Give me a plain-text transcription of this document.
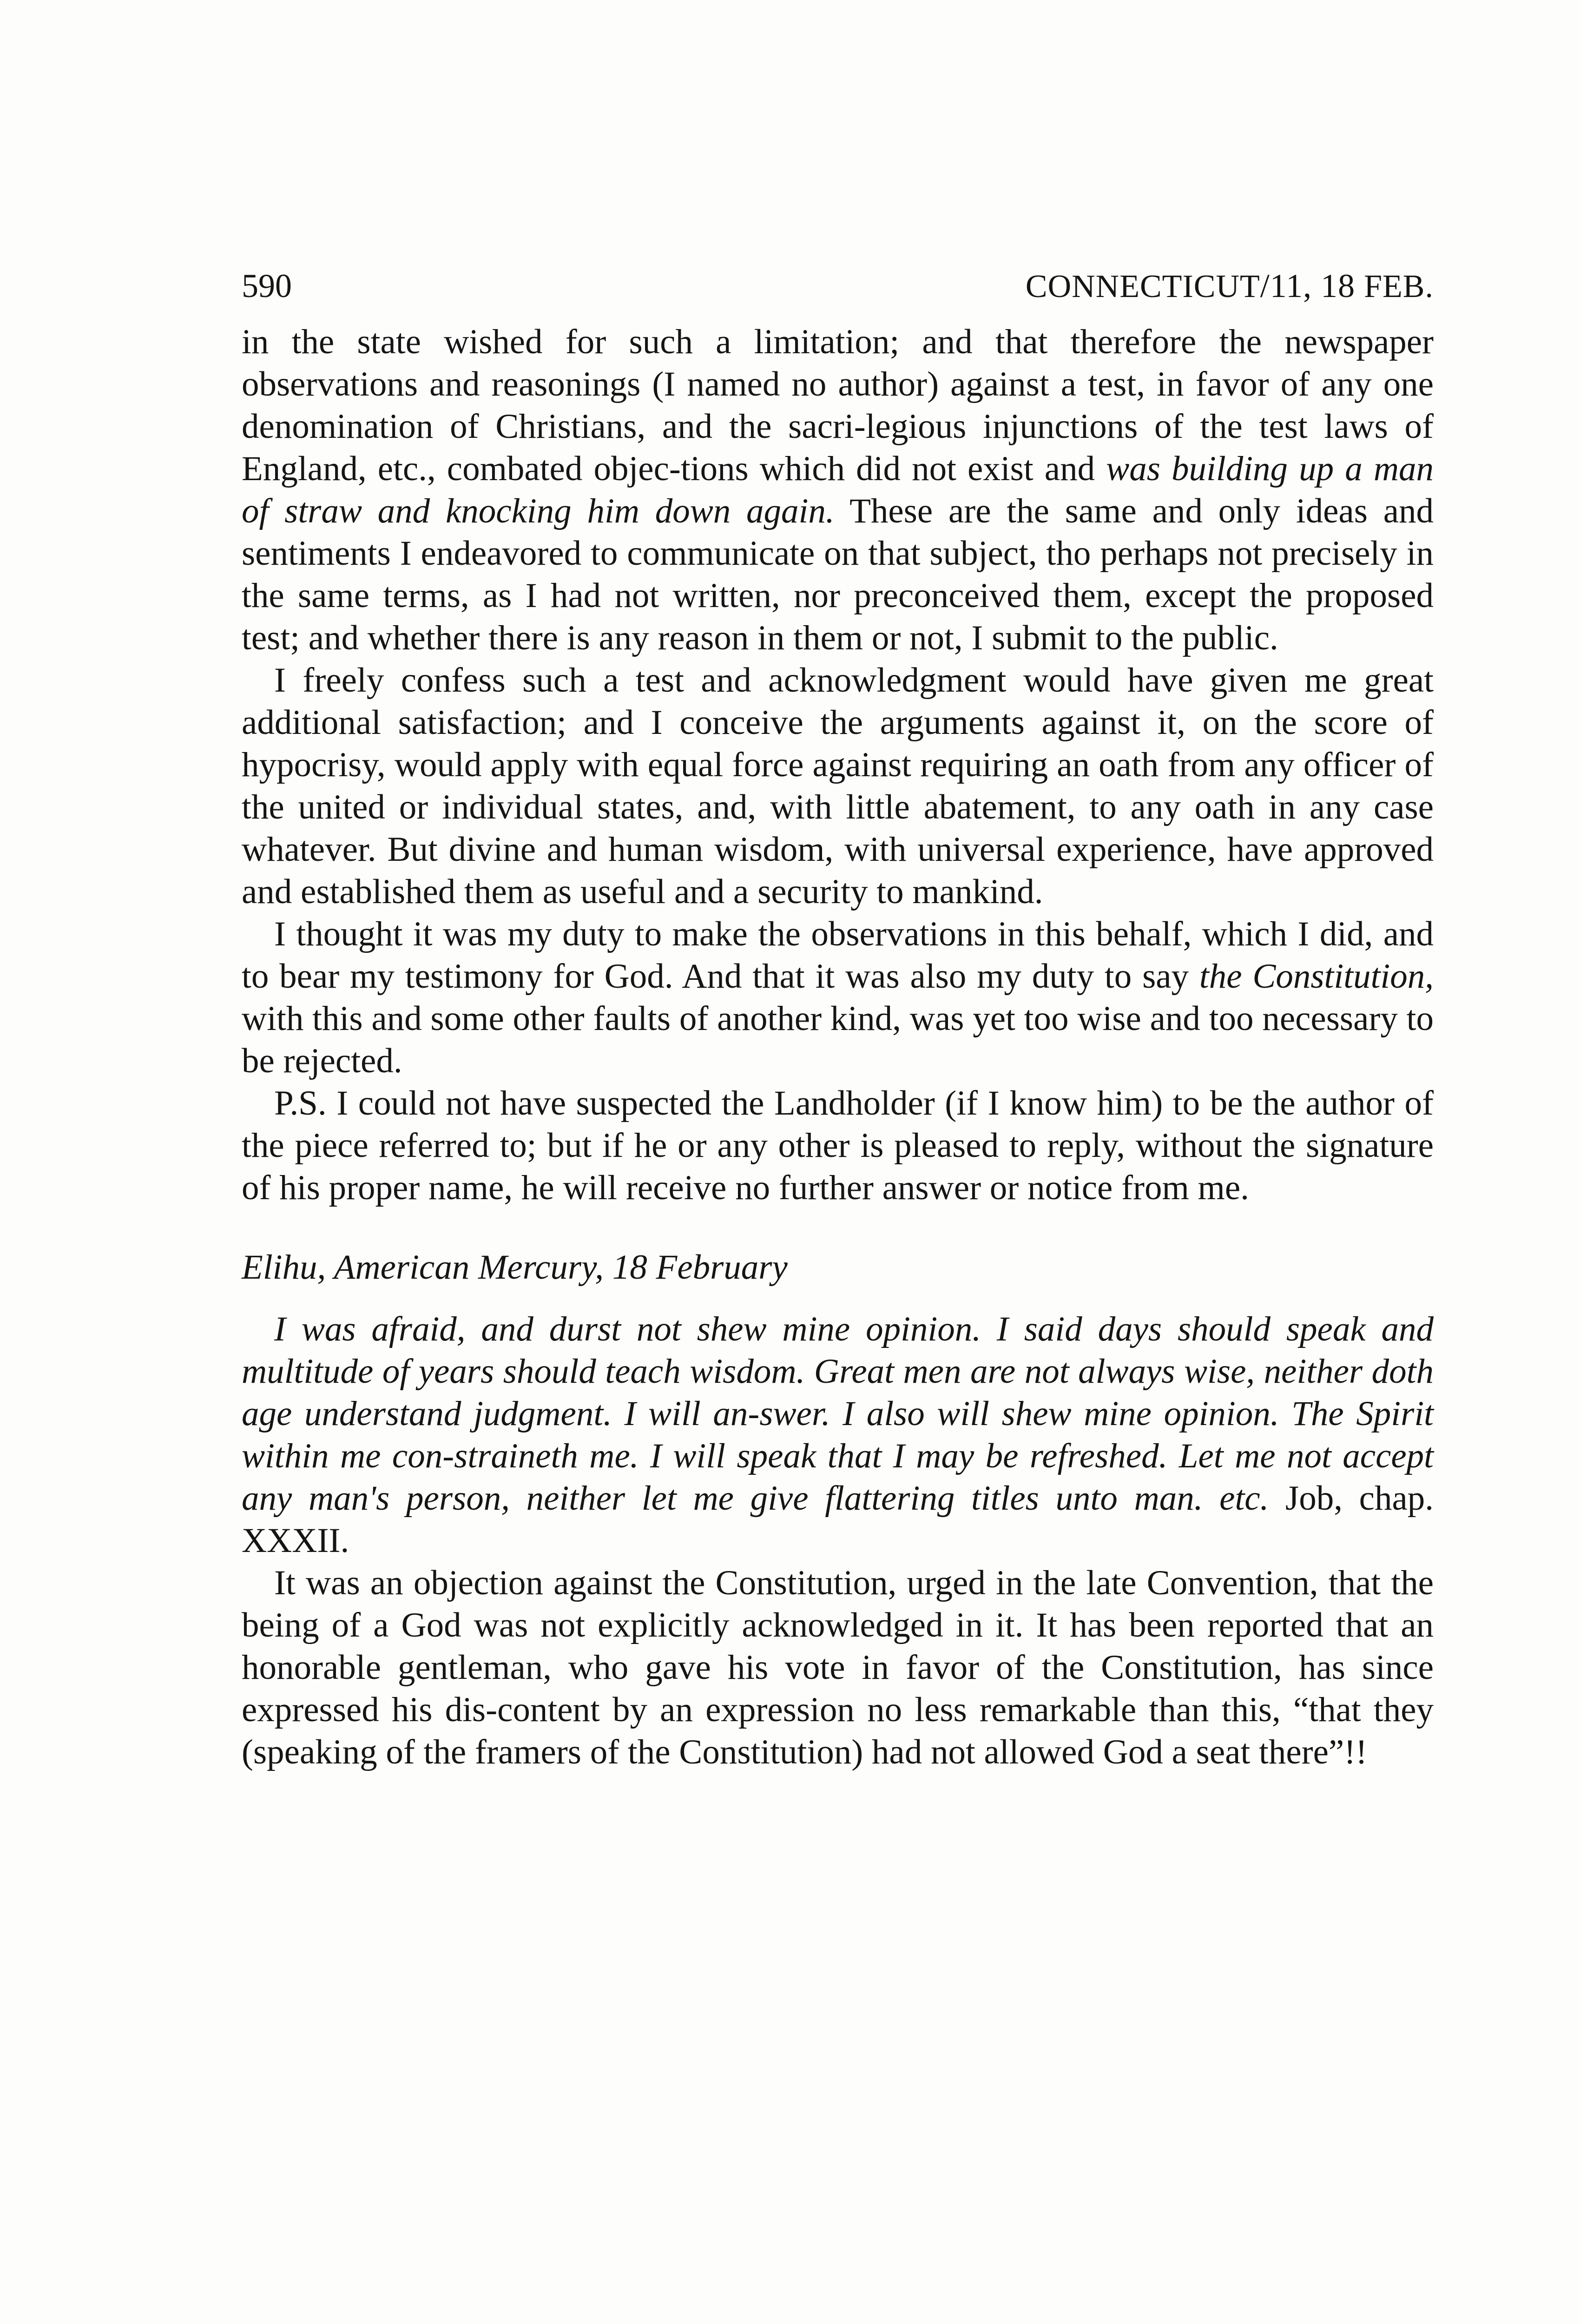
590	CONNECTICUT/11, 18 FEB.

in the state wished for such a limitation; and that therefore the newspaper observations and reasonings (I named no author) against a test, in favor of any one denomination of Christians, and the sacri-legious injunctions of the test laws of England, etc., combated objec-tions which did not exist and was building up a man of straw and knocking him down again. These are the same and only ideas and sentiments I endeavored to communicate on that subject, tho perhaps not precisely in the same terms, as I had not written, nor preconceived them, except the proposed test; and whether there is any reason in them or not, I submit to the public.

I freely confess such a test and acknowledgment would have given me great additional satisfaction; and I conceive the arguments against it, on the score of hypocrisy, would apply with equal force against requiring an oath from any officer of the united or individual states, and, with little abatement, to any oath in any case whatever. But divine and human wisdom, with universal experience, have approved and established them as useful and a security to mankind.

I thought it was my duty to make the observations in this behalf, which I did, and to bear my testimony for God. And that it was also my duty to say the Constitution, with this and some other faults of another kind, was yet too wise and too necessary to be rejected.

P.S. I could not have suspected the Landholder (if I know him) to be the author of the piece referred to; but if he or any other is pleased to reply, without the signature of his proper name, he will receive no further answer or notice from me.

Elihu, American Mercury, 18 February

I was afraid, and durst not shew mine opinion. I said days should speak and multitude of years should teach wisdom. Great men are not always wise, neither doth age understand judgment. I will an-swer. I also will shew mine opinion. The Spirit within me con-straineth me. I will speak that I may be refreshed. Let me not accept any man's person, neither let me give flattering titles unto man. etc. Job, chap. XXXII.

It was an objection against the Constitution, urged in the late Convention, that the being of a God was not explicitly acknowledged in it. It has been reported that an honorable gentleman, who gave his vote in favor of the Constitution, has since expressed his dis-content by an expression no less remarkable than this, “that they (speaking of the framers of the Constitution) had not allowed God a seat there”!!
